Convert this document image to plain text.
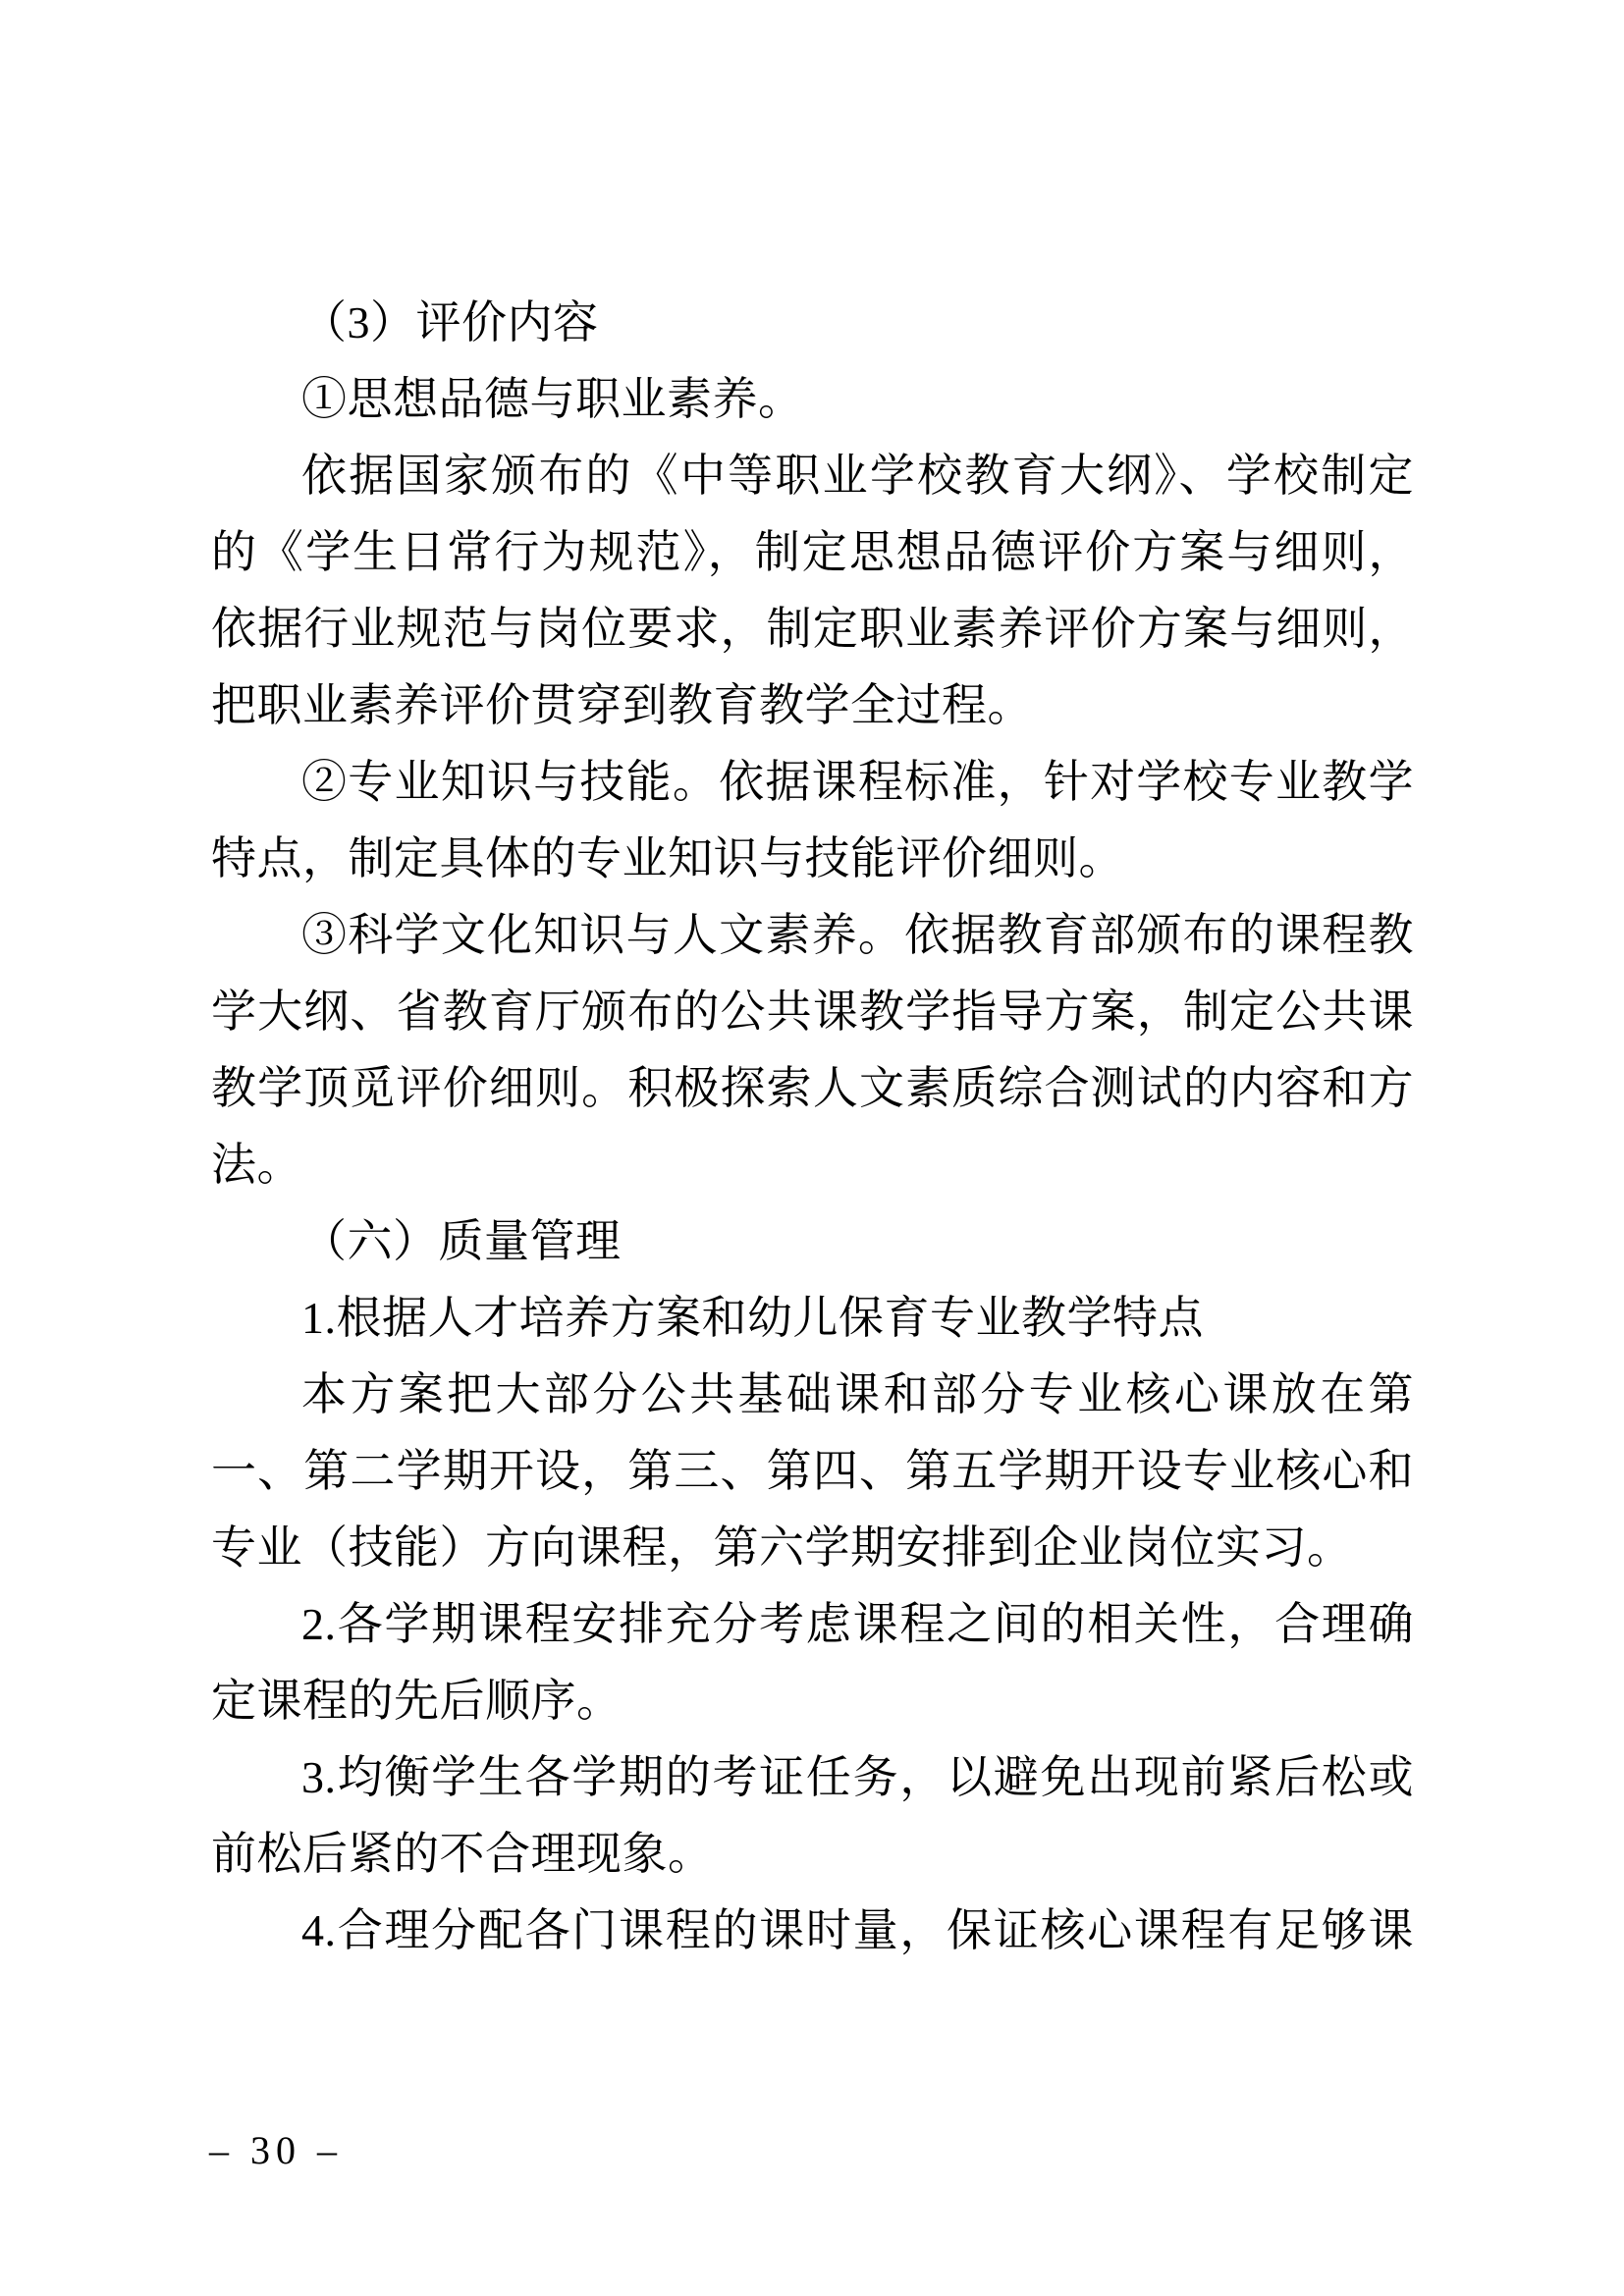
（3）评价内容
①思想品德与职业素养。
依据国家颁布的《中等职业学校教育大纲》、学校制定
的《学生日常行为规范》，制定思想品德评价方案与细则，
依据行业规范与岗位要求，制定职业素养评价方案与细则，
把职业素养评价贯穿到教育教学全过程。
②专业知识与技能。依据课程标准，针对学校专业教学
特点，制定具体的专业知识与技能评价细则。
③科学文化知识与人文素养。依据教育部颁布的课程教
学大纲、省教育厅颁布的公共课教学指导方案，制定公共课
教学顶觅评价细则。积极探索人文素质综合测试的内容和方
法。
（六）质量管理
1.根据人才培养方案和幼儿保育专业教学特点
本方案把大部分公共基础课和部分专业核心课放在第
一、第二学期开设，第三、第四、第五学期开设专业核心和
专业（技能）方向课程，第六学期安排到企业岗位实习。
2.各学期课程安排充分考虑课程之间的相关性，合理确
定课程的先后顺序。
3.均衡学生各学期的考证任务，以避免出现前紧后松或
前松后紧的不合理现象。
4.合理分配各门课程的课时量，保证核心课程有足够课
– 30 –
